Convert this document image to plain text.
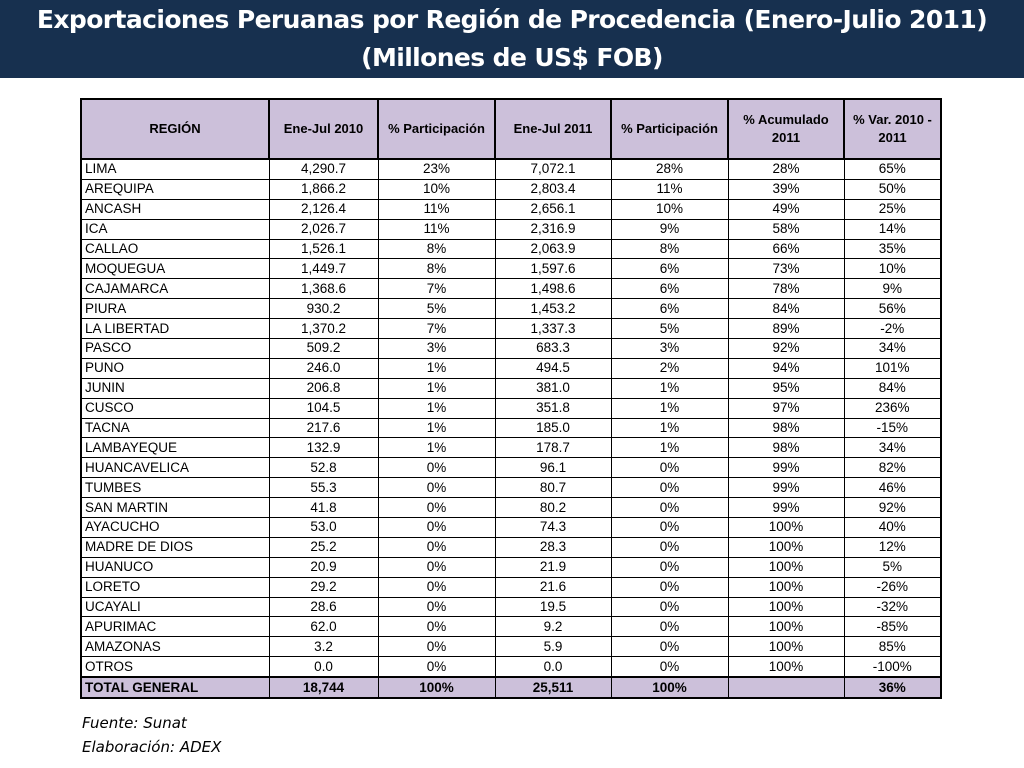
Exportaciones Peruanas por Región de Procedencia (Enero-Julio 2011)
(Millones de US$ FOB)
REGIÓN	Ene-Jul 2010	% Participación	Ene-Jul 2011	% Participación	% Acumulado 2011	% Var. 2010 - 2011
LIMA	4,290.7	23%	7,072.1	28%	28%	65%
AREQUIPA	1,866.2	10%	2,803.4	11%	39%	50%
ANCASH	2,126.4	11%	2,656.1	10%	49%	25%
ICA	2,026.7	11%	2,316.9	9%	58%	14%
CALLAO	1,526.1	8%	2,063.9	8%	66%	35%
MOQUEGUA	1,449.7	8%	1,597.6	6%	73%	10%
CAJAMARCA	1,368.6	7%	1,498.6	6%	78%	9%
PIURA	930.2	5%	1,453.2	6%	84%	56%
LA LIBERTAD	1,370.2	7%	1,337.3	5%	89%	-2%
PASCO	509.2	3%	683.3	3%	92%	34%
PUNO	246.0	1%	494.5	2%	94%	101%
JUNIN	206.8	1%	381.0	1%	95%	84%
CUSCO	104.5	1%	351.8	1%	97%	236%
TACNA	217.6	1%	185.0	1%	98%	-15%
LAMBAYEQUE	132.9	1%	178.7	1%	98%	34%
HUANCAVELICA	52.8	0%	96.1	0%	99%	82%
TUMBES	55.3	0%	80.7	0%	99%	46%
SAN MARTIN	41.8	0%	80.2	0%	99%	92%
AYACUCHO	53.0	0%	74.3	0%	100%	40%
MADRE DE DIOS	25.2	0%	28.3	0%	100%	12%
HUANUCO	20.9	0%	21.9	0%	100%	5%
LORETO	29.2	0%	21.6	0%	100%	-26%
UCAYALI	28.6	0%	19.5	0%	100%	-32%
APURIMAC	62.0	0%	9.2	0%	100%	-85%
AMAZONAS	3.2	0%	5.9	0%	100%	85%
OTROS	0.0	0%	0.0	0%	100%	-100%
TOTAL GENERAL	18,744	100%	25,511	100%		36%
Fuente: Sunat
Elaboración: ADEX
